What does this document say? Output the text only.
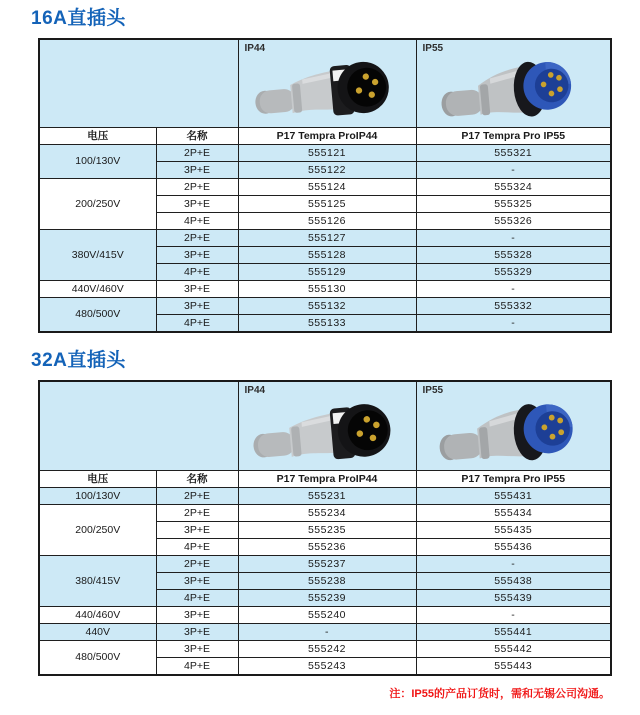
16A直插头

		IP44	IP55

电压	名称	P17 Tempra ProIP44	P17 Tempra Pro IP55
100/130V	2P+E	555121	555321
	3P+E	555122	-
200/250V	2P+E	555124	555324
	3P+E	555125	555325
	4P+E	555126	555326
380V/415V	2P+E	555127	-
	3P+E	555128	555328
	4P+E	555129	555329
440V/460V	3P+E	555130	-
480/500V	3P+E	555132	555332
	4P+E	555133	-
32A直插头

		IP44	IP55

电压	名称	P17 Tempra ProIP44	P17 Tempra Pro IP55
100/130V	2P+E	555231	555431
200/250V	2P+E	555234	555434
	3P+E	555235	555435
	4P+E	555236	555436
380/415V	2P+E	555237	-
	3P+E	555238	555438
	4P+E	555239	555439
440/460V	3P+E	555240	-
440V	3P+E	-	555441
480/500V	3P+E	555242	555442
	4P+E	555243	555443
注：IP55的产品订货时，需和无锡公司沟通。
